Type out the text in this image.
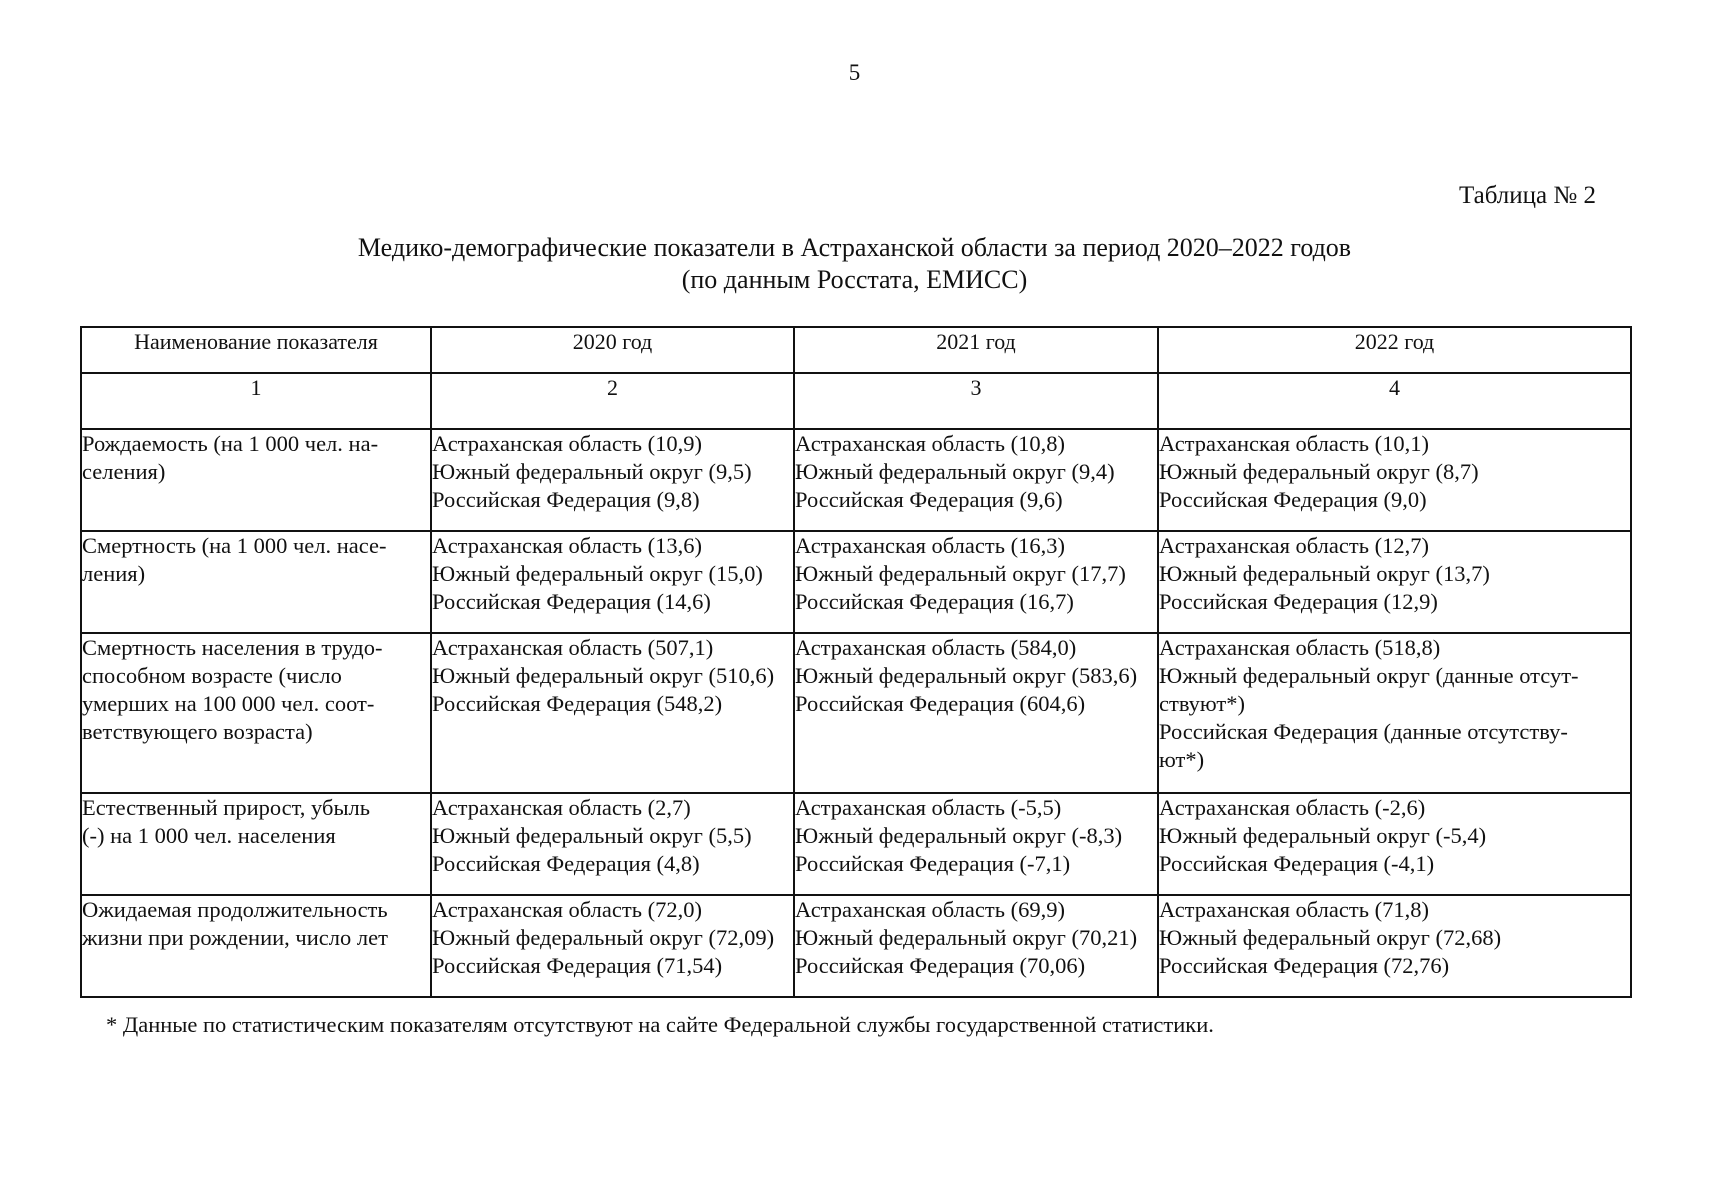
5
Таблица № 2
Медико-демографические показатели в Астраханской области за период 2020–2022 годов
(по данным Росстата, ЕМИСС)
Наименование показателя	2020 год	2021 год	2022 год
1	2	3	4

Рождаемость (на 1 000 чел. на-
селения)	Астраханская область (10,9)
Южный федеральный округ (9,5)
Российская Федерация (9,8)	Астраханская область (10,8)
Южный федеральный округ (9,4)
Российская Федерация (9,6)	Астраханская область (10,1)
Южный федеральный округ (8,7)
Российская Федерация (9,0)

Смертность (на 1 000 чел. насе-
ления)	Астраханская область (13,6)
Южный федеральный округ (15,0)
Российская Федерация (14,6)	Астраханская область (16,3)
Южный федеральный округ (17,7)
Российская Федерация (16,7)	Астраханская область (12,7)
Южный федеральный округ (13,7)
Российская Федерация (12,9)

Смертность населения в трудо-
способном возрасте (число
умерших на 100 000 чел. соот-
ветствующего возраста)	Астраханская область (507,1)
Южный федеральный округ (510,6)
Российская Федерация (548,2)	Астраханская область (584,0)
Южный федеральный округ (583,6)
Российская Федерация (604,6)	Астраханская область (518,8)
Южный федеральный округ (данные отсут-
ствуют*)
Российская Федерация (данные отсутству-
ют*)

Естественный прирост, убыль
(-) на 1 000 чел. населения	Астраханская область (2,7)
Южный федеральный округ (5,5)
Российская Федерация (4,8)	Астраханская область (-5,5)
Южный федеральный округ (-8,3)
Российская Федерация (-7,1)	Астраханская область (-2,6)
Южный федеральный округ (-5,4)
Российская Федерация (-4,1)

Ожидаемая продолжительность
жизни при рождении, число лет	Астраханская область (72,0)
Южный федеральный округ (72,09)
Российская Федерация (71,54)	Астраханская область (69,9)
Южный федеральный округ (70,21)
Российская Федерация (70,06)	Астраханская область (71,8)
Южный федеральный округ (72,68)
Российская Федерация (72,76)
* Данные по статистическим показателям отсутствуют на сайте Федеральной службы государственной статистики.
